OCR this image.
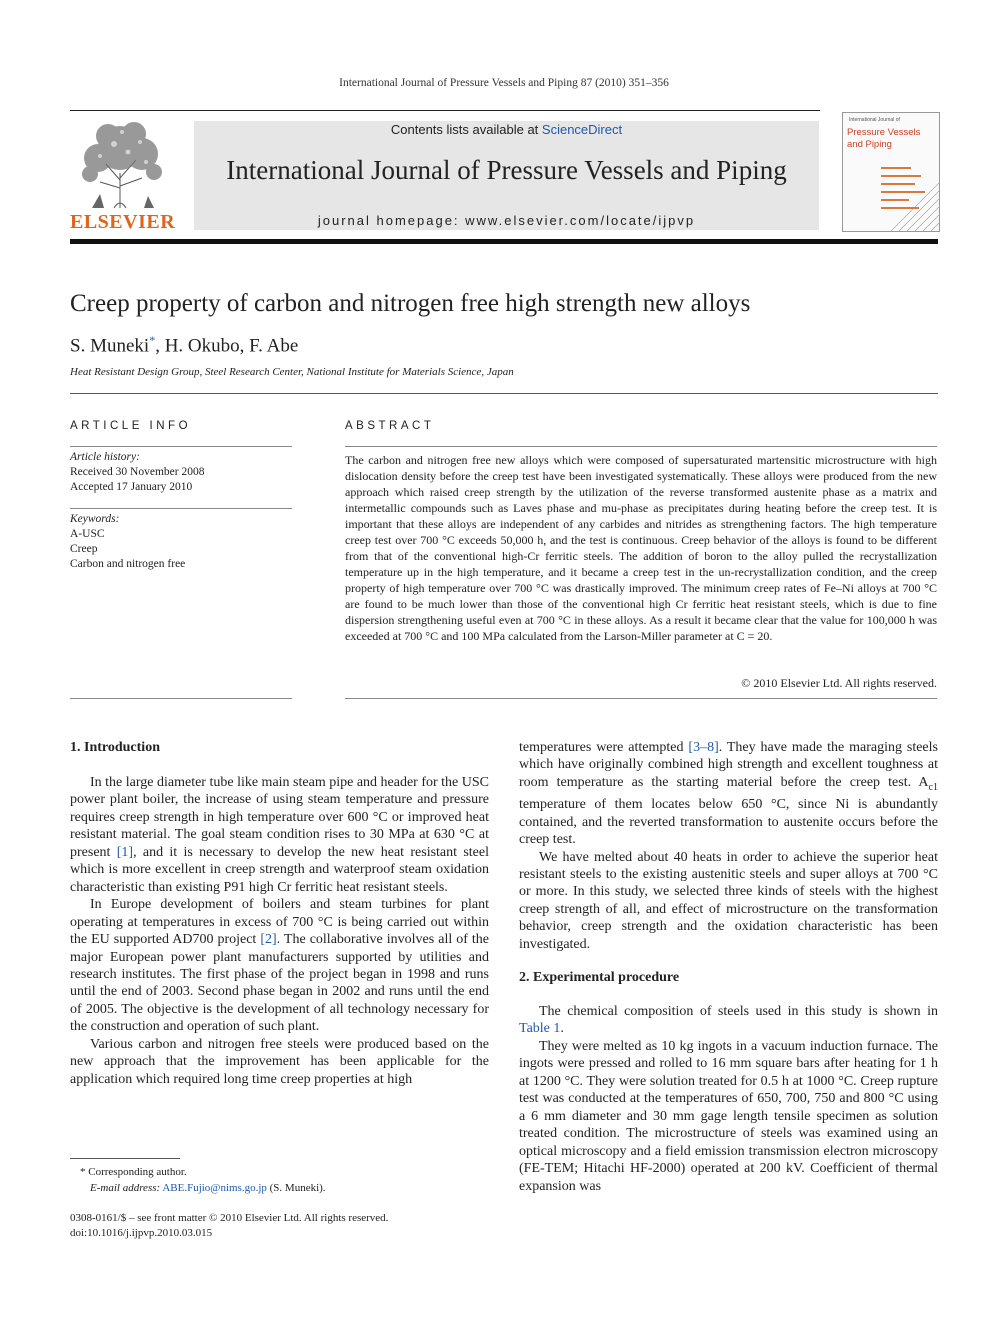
International Journal of Pressure Vessels and Piping 87 (2010) 351–356
Contents lists available at ScienceDirect
International Journal of Pressure Vessels and Piping
journal homepage: www.elsevier.com/locate/ijpvp
ELSEVIER
International Journal of
Pressure Vessels and Piping
Creep property of carbon and nitrogen free high strength new alloys
S. Muneki*, H. Okubo, F. Abe
Heat Resistant Design Group, Steel Research Center, National Institute for Materials Science, Japan
ARTICLE INFO
Article history:
Received 30 November 2008
Accepted 17 January 2010
Keywords:
A-USC
Creep
Carbon and nitrogen free
ABSTRACT
The carbon and nitrogen free new alloys which were composed of supersaturated martensitic microstructure with high dislocation density before the creep test have been investigated systematically. These alloys were produced from the new approach which raised creep strength by the utilization of the reverse transformed austenite phase as a matrix and intermetallic compounds such as Laves phase and mu-phase as precipitates during heating before the creep test. It is important that these alloys are independent of any carbides and nitrides as strengthening factors. The high temperature creep test over 700 °C exceeds 50,000 h, and the test is continuous. Creep behavior of the alloys is found to be different from that of the conventional high-Cr ferritic steels. The addition of boron to the alloy pulled the recrystallization temperature up in the high temperature, and it became a creep test in the un-recrystallization condition, and the creep property of high temperature over 700 °C was drastically improved. The minimum creep rates of Fe–Ni alloys at 700 °C are found to be much lower than those of the conventional high Cr ferritic heat resistant steels, which is due to fine dispersion strengthening useful even at 700 °C in these alloys. As a result it became clear that the value for 100,000 h was exceeded at 700 °C and 100 MPa calculated from the Larson-Miller parameter at C = 20.
© 2010 Elsevier Ltd. All rights reserved.
1. Introduction

In the large diameter tube like main steam pipe and header for the USC power plant boiler, the increase of using steam temperature and pressure requires creep strength in high temperature over 600 °C or improved heat resistant material. The goal steam condition rises to 30 MPa at 630 °C at present [1], and it is necessary to develop the new heat resistant steel which is more excellent in creep strength and waterproof steam oxidation characteristic than existing P91 high Cr ferritic heat resistant steels.

In Europe development of boilers and steam turbines for plant operating at temperatures in excess of 700 °C is being carried out within the EU supported AD700 project [2]. The collaborative involves all of the major European power plant manufacturers supported by utilities and research institutes. The first phase of the project began in 1998 and runs until the end of 2003. Second phase began in 2002 and runs until the end of 2005. The objective is the development of all technology necessary for the construction and operation of such plant.

Various carbon and nitrogen free steels were produced based on the new approach that the improvement has been applicable for the application which required long time creep properties at high

* Corresponding author.
E-mail address: ABE.Fujio@nims.go.jp (S. Muneki).
0308-0161/$ – see front matter © 2010 Elsevier Ltd. All rights reserved.
doi:10.1016/j.ijpvp.2010.03.015

temperatures were attempted [3–8]. They have made the maraging steels which have originally combined high strength and excellent toughness at room temperature as the starting material before the creep test. $A_{c1}$ temperature of them locates below 650 °C, since Ni is abundantly contained, and the reverted transformation to austenite occurs before the creep test.

We have melted about 40 heats in order to achieve the superior heat resistant steels to the existing austenitic steels and super alloys at 700 °C or more. In this study, we selected three kinds of steels with the highest creep strength of all, and effect of microstructure on the transformation behavior, creep strength and the oxidation characteristic has been investigated.

2. Experimental procedure

The chemical composition of steels used in this study is shown in Table 1.

They were melted as 10 kg ingots in a vacuum induction furnace. The ingots were pressed and rolled to 16 mm square bars after heating for 1 h at 1200 °C. They were solution treated for 0.5 h at 1000 °C. Creep rupture test was conducted at the temperatures of 650, 700, 750 and 800 °C using a 6 mm diameter and 30 mm gage length tensile specimen as solution treated condition. The microstructure of steels was examined using an optical microscopy and a field emission transmission electron microscopy (FE-TEM; Hitachi HF-2000) operated at 200 kV. Coefficient of thermal expansion was
